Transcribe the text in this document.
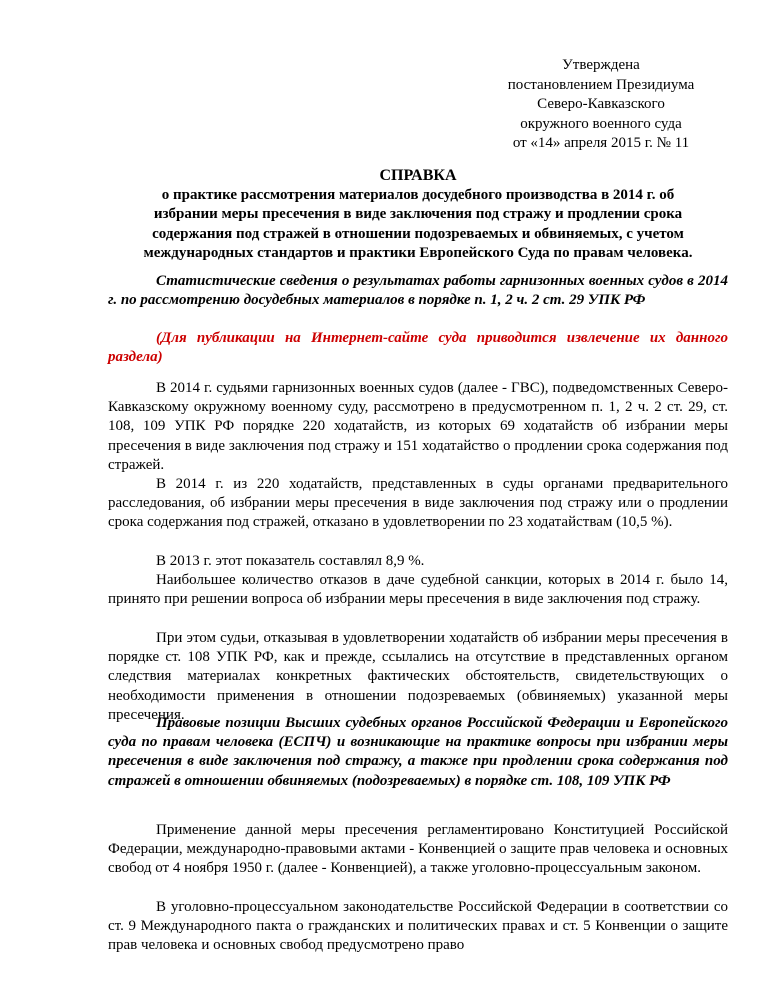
Утверждена
постановлением Президиума
Северо-Кавказского
окружного военного суда
от «14» апреля 2015 г. № 11
СПРАВКА
о практике рассмотрения материалов досудебного производства в 2014 г. об
избрании меры пресечения в виде заключения под стражу и продлении срока
содержания под стражей в отношении подозреваемых и обвиняемых, с учетом
международных стандартов и практики Европейского Суда по правам человека.
Статистические сведения о результатах работы гарнизонных военных судов в 2014 г. по рассмотрению досудебных материалов в порядке п. 1, 2 ч. 2 ст. 29 УПК РФ
(Для публикации на Интернет-сайте суда приводится извлечение их данного раздела)
В 2014 г. судьями гарнизонных военных судов (далее - ГВС), подведомственных Северо-Кавказскому окружному военному суду, рассмотрено в предусмотренном п. 1, 2 ч. 2 ст. 29, ст. 108, 109 УПК РФ порядке 220 ходатайств, из которых 69 ходатайств об избрании меры пресечения в виде заключения под стражу и 151 ходатайство о продлении срока содержания под стражей.
В 2014 г. из 220 ходатайств, представленных в суды органами предварительного расследования, об избрании меры пресечения в виде заключения под стражу или о продлении срока содержания под стражей, отказано в удовлетворении по 23 ходатайствам (10,5 %).
В 2013 г. этот показатель составлял 8,9 %.
Наибольшее количество отказов в даче судебной санкции, которых в 2014 г. было 14, принято при решении вопроса об избрании меры пресечения в виде заключения под стражу.
При этом судьи, отказывая в удовлетворении ходатайств об избрании меры пресечения в порядке ст. 108 УПК РФ, как и прежде, ссылались на отсутствие в представленных органом следствия материалах конкретных фактических обстоятельств, свидетельствующих о необходимости применения в отношении подозреваемых (обвиняемых) указанной меры пресечения.
Правовые позиции Высших судебных органов Российской Федерации и Европейского суда по правам человека (ЕСПЧ) и возникающие на практике вопросы при избрании меры пресечения в виде заключения под стражу, а также при продлении срока содержания под стражей в отношении обвиняемых (подозреваемых) в порядке ст. 108, 109 УПК РФ
Применение данной меры пресечения регламентировано Конституцией Российской Федерации, международно-правовыми актами - Конвенцией о защите прав человека и основных свобод от 4 ноября 1950 г. (далее - Конвенцией), а также уголовно-процессуальным законом.
В уголовно-процессуальном законодательстве Российской Федерации в соответствии со ст. 9 Международного пакта о гражданских и политических правах и ст. 5 Конвенции о защите прав человека и основных свобод предусмотрено право
